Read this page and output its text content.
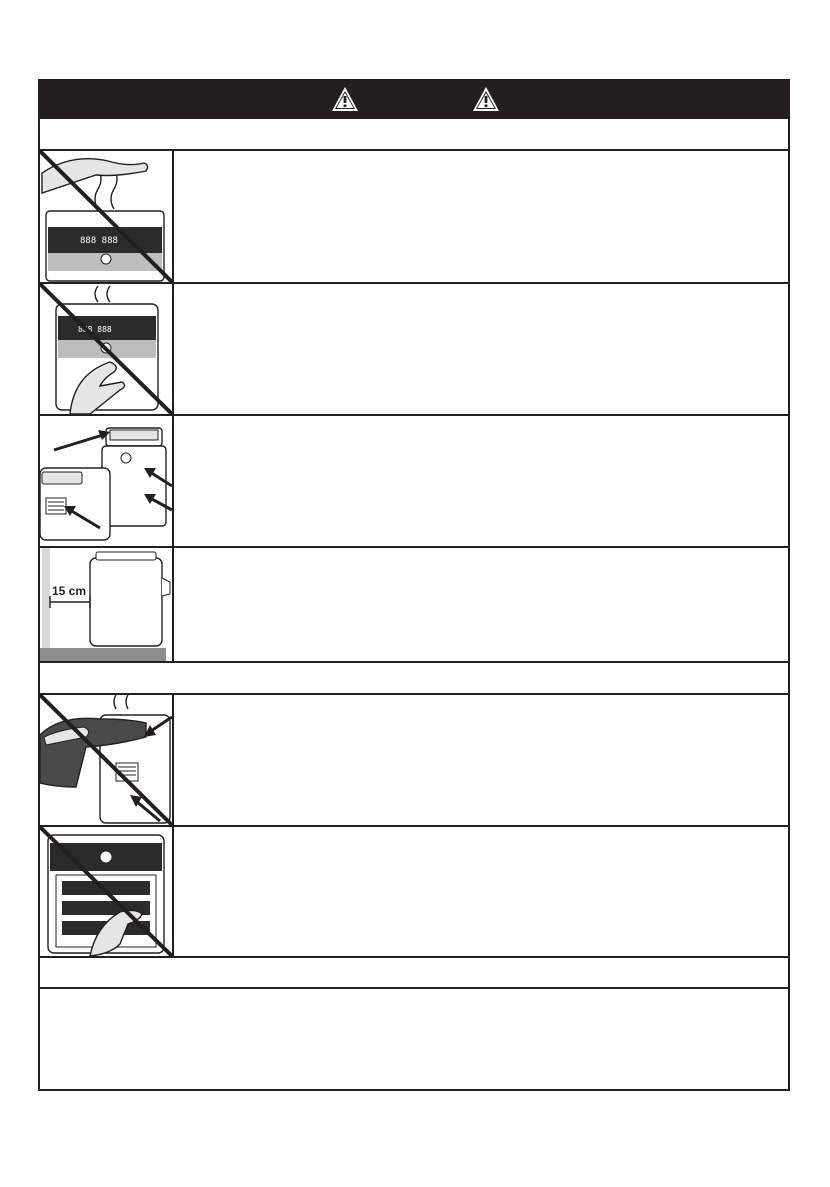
888 888
888 888
15 cm
